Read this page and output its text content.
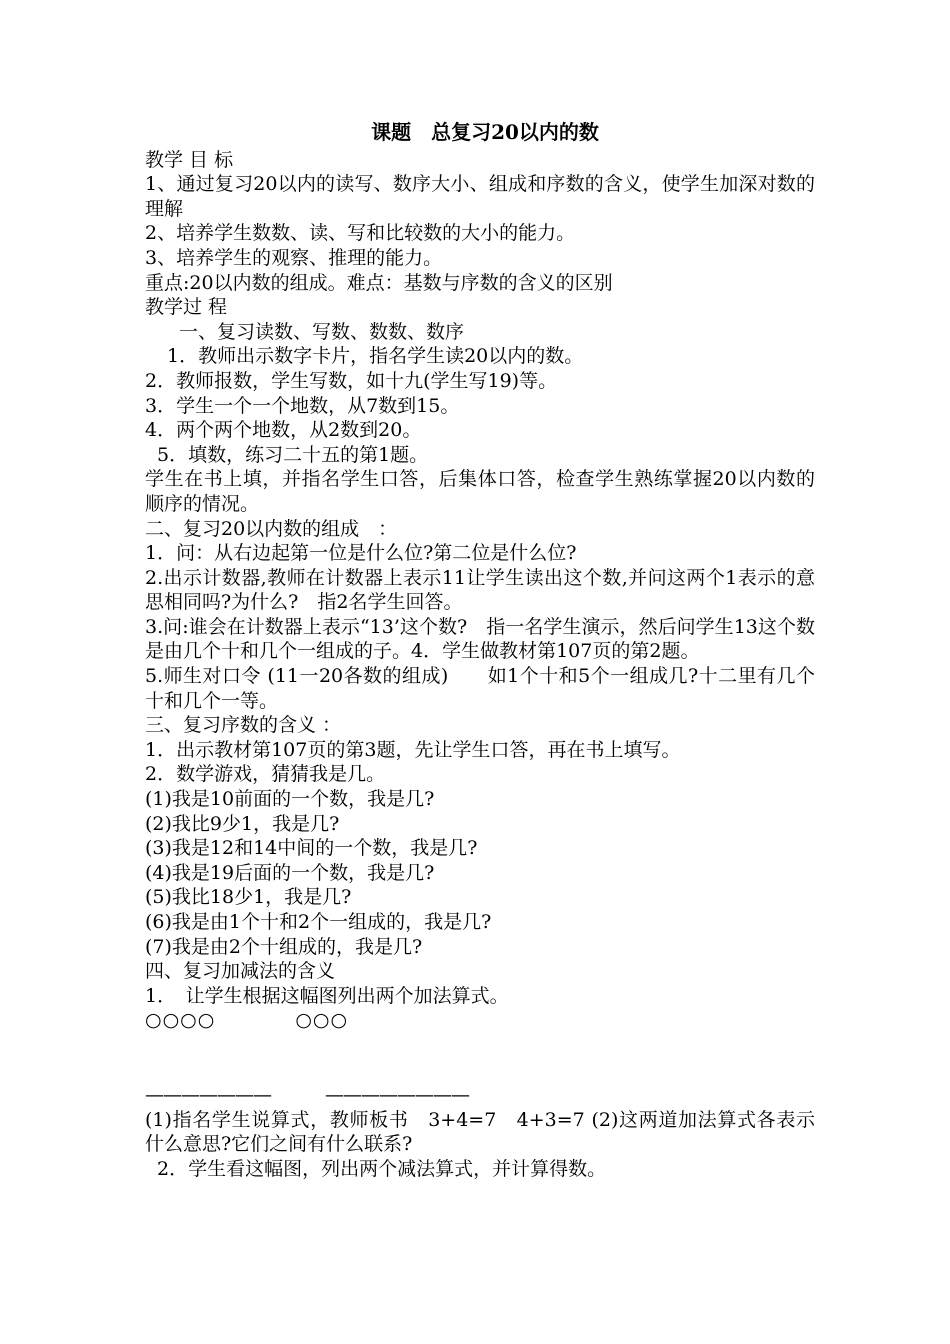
课题　总复习20以内的数

教学 目 标

1、通过复习20以内的读写、数序大小、组成和序数的含义，使学生加深对数的理解

2、培养学生数数、读、写和比较数的大小的能力。

3、培养学生的观察、推理的能力。

重点:20以内数的组成。难点：基数与序数的含义的区别

教学过 程

一、复习读数、写数、数数、数序

1．教师出示数字卡片，指名学生读20以内的数。

2．教师报数，学生写数，如十九(学生写19)等。

3．学生一个一个地数，从7数到15。

4．两个两个地数，从2数到20。

5．填数，练习二十五的第1题。

学生在书上填，并指名学生口答，后集体口答，检查学生熟练掌握20以内数的顺序的情况。

二、复习20以内数的组成　：

1．问：从右边起第一位是什么位?第二位是什么位?

2.出示计数器,教师在计数器上表示11让学生读出这个数,并问这两个1表示的意思相同吗?为什么?　指2名学生回答。

3.问:谁会在计数器上表示“13’这个数?　指一名学生演示，然后问学生13这个数是由几个十和几个一组成的子。4．学生做教材第107页的第2题。

5.师生对口令 (11一20各数的组成)　　如1个十和5个一组成几?十二里有几个十和几个一等。

三、复习序数的含义 ：

1．出示教材第107页的第3题，先让学生口答，再在书上填写。

2．数学游戏，猜猜我是几。

(1)我是10前面的一个数，我是几?

(2)我比9少1，我是几?

(3)我是12和14中间的一个数，我是几?

(4)我是19后面的一个数，我是几?

(5)我比18少1，我是几?

(6)我是由1个十和2个一组成的，我是几?

(7)我是由2个十组成的，我是几?

四、复习加减法的含义

1．　让学生根据这幅图列出两个加法算式。

○○○○　　　　○○○

———————　　　————————

(1)指名学生说算式，教师板书　3+4=7　4+3=7 (2)这两道加法算式各表示什么意思?它们之间有什么联系?

2．学生看这幅图，列出两个减法算式，并计算得数。
